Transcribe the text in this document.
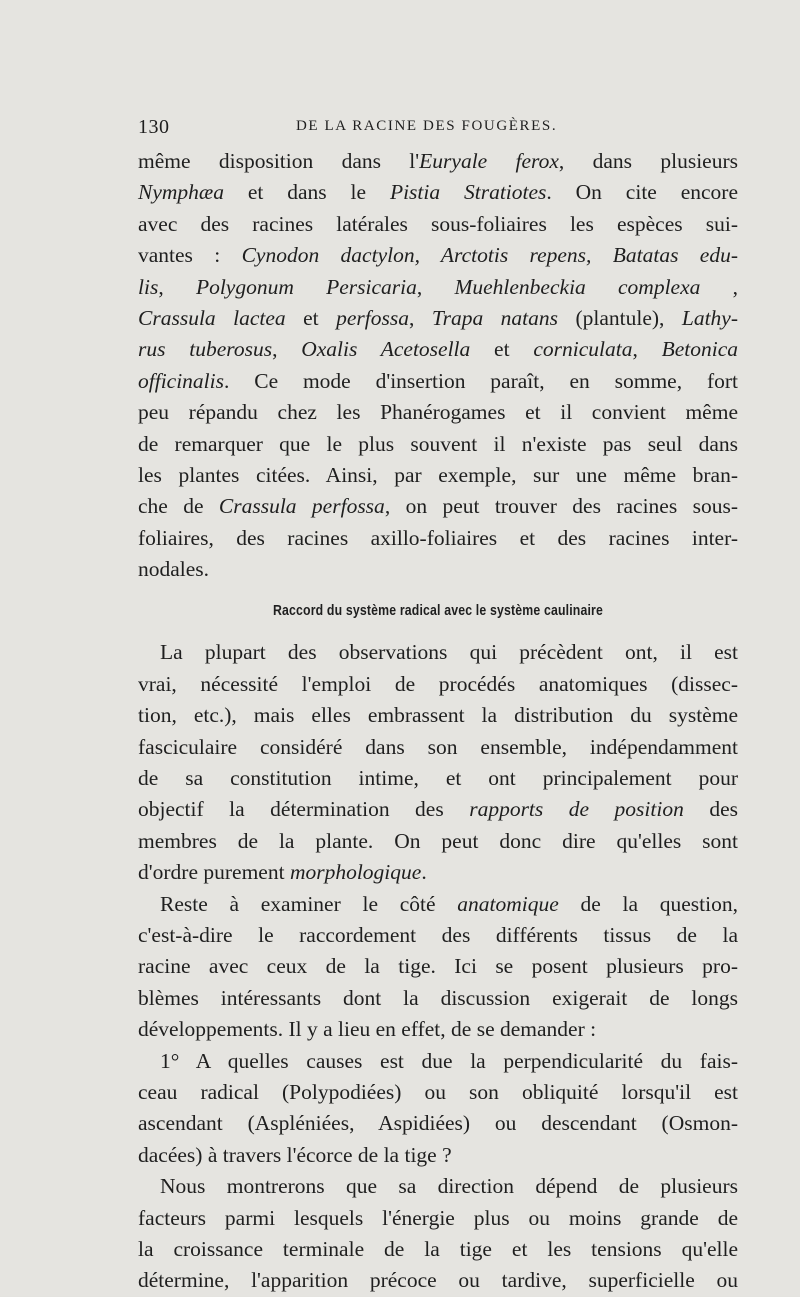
130	DE LA RACINE DES FOUGÈRES.
même disposition dans l'Euryale ferox, dans plusieurs
Nymphæa et dans le Pistia Stratiotes. On cite encore
avec des racines latérales sous-foliaires les espèces sui-
vantes : Cynodon dactylon, Arctotis repens, Batatas edu-
lis, Polygonum Persicaria, Muehlenbeckia complexa ,
Crassula lactea et perfossa, Trapa natans (plantule), Lathy-
rus tuberosus, Oxalis Acetosella et corniculata, Betonica
officinalis. Ce mode d'insertion paraît, en somme, fort
peu répandu chez les Phanérogames et il convient même
de remarquer que le plus souvent il n'existe pas seul dans
les plantes citées. Ainsi, par exemple, sur une même bran-
che de Crassula perfossa, on peut trouver des racines sous-
foliaires, des racines axillo-foliaires et des racines inter-
nodales.
Raccord du système radical avec le système caulinaire
La plupart des observations qui précèdent ont, il est
vrai, nécessité l'emploi de procédés anatomiques (dissec-
tion, etc.), mais elles embrassent la distribution du système
fasciculaire considéré dans son ensemble, indépendamment
de sa constitution intime, et ont principalement pour
objectif la détermination des rapports de position des
membres de la plante. On peut donc dire qu'elles sont
d'ordre purement morphologique.
Reste à examiner le côté anatomique de la question,
c'est-à-dire le raccordement des différents tissus de la
racine avec ceux de la tige. Ici se posent plusieurs pro-
blèmes intéressants dont la discussion exigerait de longs
développements. Il y a lieu en effet, de se demander :
1° A quelles causes est due la perpendicularité du fais-
ceau radical (Polypodiées) ou son obliquité lorsqu'il est
ascendant (Aspléniées, Aspidiées) ou descendant (Osmon-
dacées) à travers l'écorce de la tige ?
Nous montrerons que sa direction dépend de plusieurs
facteurs parmi lesquels l'énergie plus ou moins grande de
la croissance terminale de la tige et les tensions qu'elle
détermine, l'apparition précoce ou tardive, superficielle ou
